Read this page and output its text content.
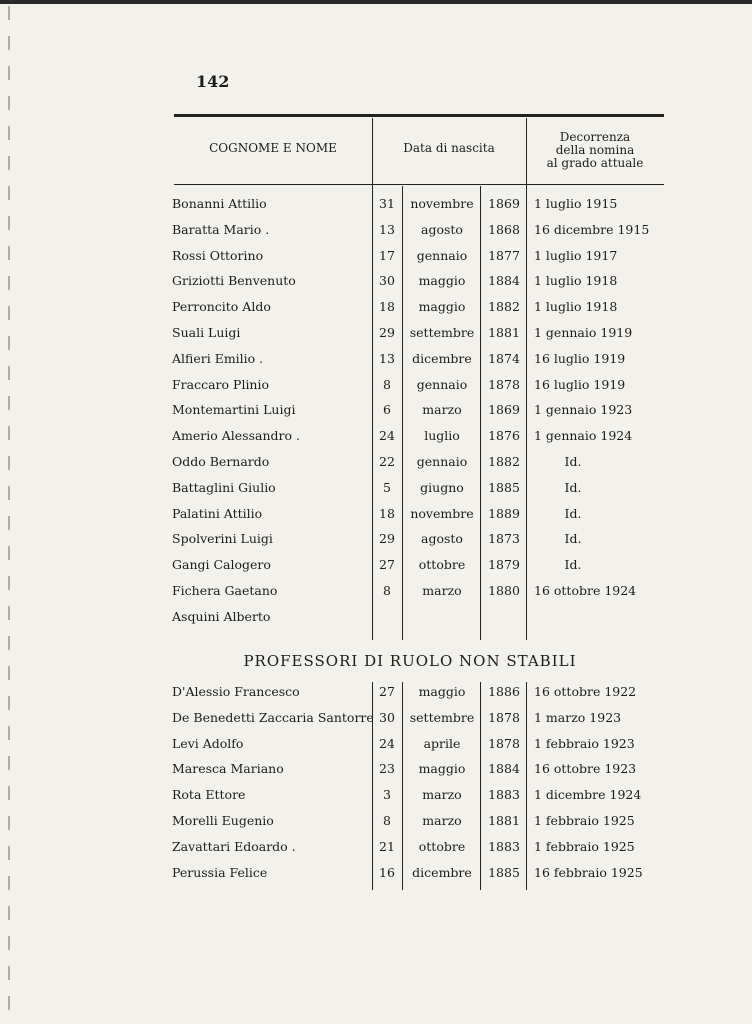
142
COGNOME E NOME	Data di nascita
Decorrenza
della nomina
al grado attuale
Bonanni Attilio	31	novembre	1869	1 luglio 1915
Baratta Mario .	13	agosto	1868	16 dicembre 1915
Rossi Ottorino	17	gennaio	1877	1 luglio 1917
Griziotti Benvenuto	30	maggio	1884	1 luglio 1918
Perroncito Aldo	18	maggio	1882	1 luglio 1918
Suali Luigi	29	settembre	1881	1 gennaio 1919
Alfieri Emilio .	13	dicembre	1874	16 luglio 1919
Fraccaro Plinio	8	gennaio	1878	16 luglio 1919
Montemartini Luigi	6	marzo	1869	1 gennaio 1923
Amerio Alessandro .	24	luglio	1876	1 gennaio 1924
Oddo Bernardo	22	gennaio	1882	Id.
Battaglini Giulio	5	giugno	1885	Id.
Palatini Attilio	18	novembre	1889	Id.
Spolverini Luigi	29	agosto	1873	Id.
Gangi Calogero	27	ottobre	1879	Id.
Fichera Gaetano	8	marzo	1880	16 ottobre 1924
Asquini Alberto
PROFESSORI DI RUOLO NON STABILI
D'Alessio Francesco	27	maggio	1886	16 ottobre 1922
De Benedetti Zaccaria Santorre 30	settembre	1878	1 marzo 1923
Levi Adolfo	24	aprile	1878	1 febbraio 1923
Maresca Mariano	23	maggio	1884	16 ottobre 1923
Rota Ettore	3	marzo	1883	1 dicembre 1924
Morelli Eugenio	8	marzo	1881	1 febbraio 1925
Zavattari Edoardo .	21	ottobre	1883	1 febbraio 1925
Perussia Felice	16	dicembre	1885	16 febbraio 1925
